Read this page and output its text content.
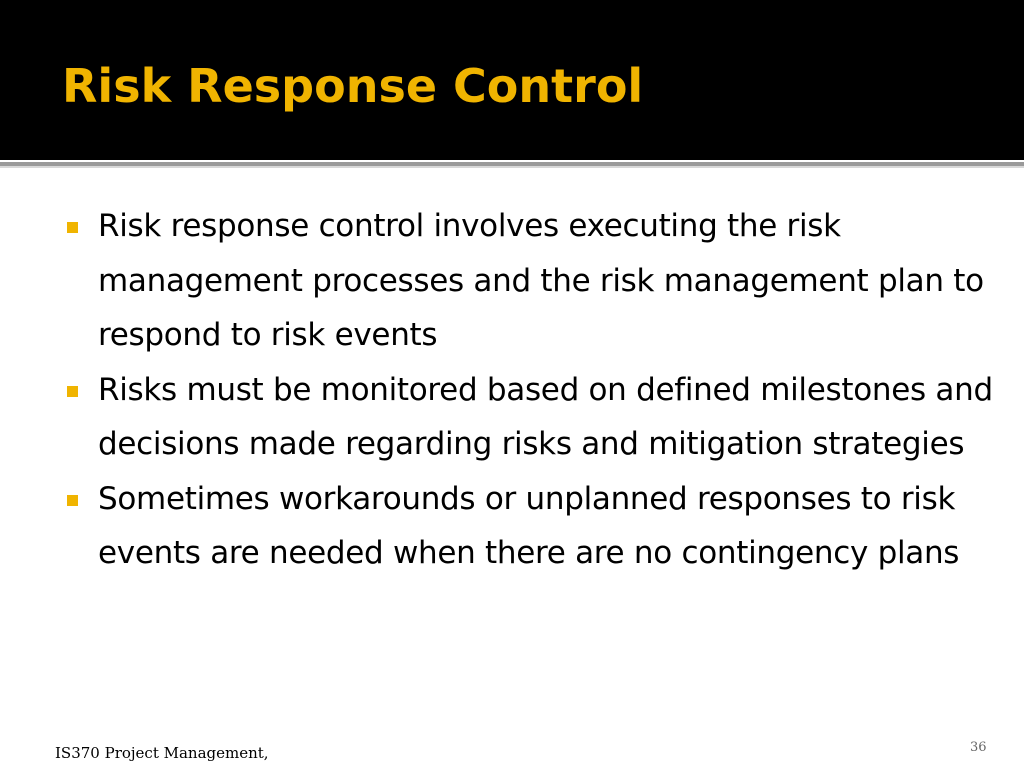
Risk Response Control
Risk response control involves executing the risk management processes and the risk management plan to respond to risk events
Risks must be monitored based on defined milestones and decisions made regarding risks and mitigation strategies
Sometimes workarounds or unplanned responses to risk events are needed when there are no contingency plans
IS370 Project Management,	36
